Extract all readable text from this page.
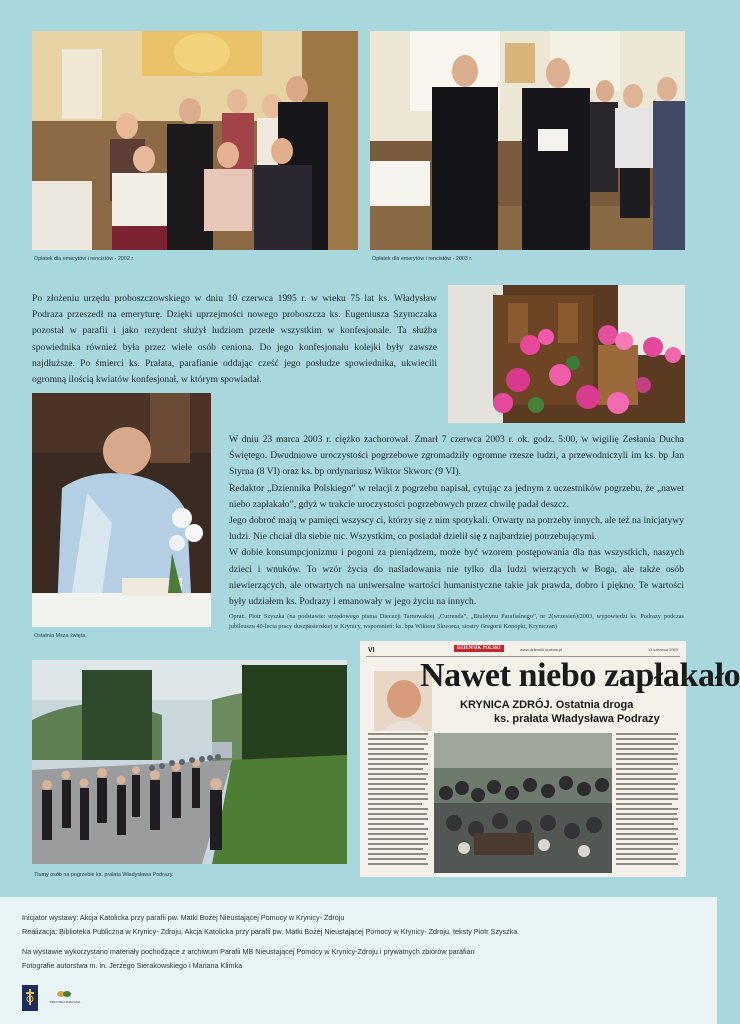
Opłatek dla emerytów i rencistów - 2002 r.	Opłatek dla emerytów i rencistów - 2003 r.
Po złożeniu urzędu proboszczowskiego w dniu 10 czerwca 1995 r. w wieku 75 lat ks. Władysław Podraza przeszedł na emeryturę. Dzięki uprzejmości nowego proboszcza ks. Eugeniusza Szymczaka pozostał w parafii i jako rezydent służył ludziom przede wszystkim w konfesjonale. Ta służba spowiednika również była przez wiele osób ceniona. Do jego konfesjonału kolejki były zawsze najdłuższe. Po śmierci ks. Prałata, parafianie oddając cześć jego posłudze spowiednika, ukwiecili ogromną ilością kwiatów konfesjonał, w którym spowiadał.
Ostatnia Msza święta.

W dniu 23 marca 2003 r. ciężko zachorował. Zmarł 7 czerwca 2003 r. ok. godz. 5:00, w wigilię Zesłania Ducha Świętego. Dwudniowe uroczystości pogrzebowe zgromadziły ogromne rzesze ludzi, a przewodniczyli im ks. bp Jan Styrna (8 VI) oraz ks. bp ordynariusz Wiktor Skworc (9 VI).

Redaktor „Dziennika Polskiego” w relacji z pogrzebu napisał, cytując za jednym z uczestników pogrzebu, że „nawet niebo zapłakało”, gdyż w trakcie uroczystości pogrzebowych przez chwilę padał deszcz.

Jego dobroć mają w pamięci wszyscy ci, którzy się z nim spotykali. Otwarty na potrzeby innych, ale też na inicjatywy ludzi. Nie chciał dla siebie nic. Wszystkim, co posiadał dzielił się z najbardziej potrzebującymi.

W dobie konsumpcjonizmu i pogoni za pieniądzem, może być wzorem postępowania dla nas wszystkich, naszych dzieci i wnuków. To wzór życia do naśladowania nie tylko dla ludzi wierzących w Boga, ale także osób niewierzących, ale otwartych na uniwersalne wartości humanistyczne takie jak prawda, dobro i piękno. Te wartości były udziałem ks. Podrazy i emanowały w jego życiu na innych.

Oprac. Piotr Szyszka (na podstawie: urzędowego pisma Diecezji Tarnowskiej „Currenda”, „Biuletynu Parafialnego”, nr 2(wrzesień)/2003, wypowiedzi ks. Podrazy podczas jubileuszu 40-lecia pracy duszpasterskiej w Krynicy, wspomnień: ks. bpa Wiktora Skworca, siostry Gregorii Konopki, Kryniczan)
Tłumy osób na pogrzebie ks. prałata Władysława Podrazy.
VI	DZIENNIK POLSKI	www.dziennik.krakow.pl	11 czerwca 2003
Nawet niebo zapłakało
KRYNICA ZDRÓJ. Ostatnia droga
ks. prałata Władysława Podrazy
Inicjator wystawy: Akcja Katolicka przy parafii pw. Matki Bożej Nieustającej Pomocy w Krynicy- Zdroju
Realizacja: Biblioteka Publiczna w Krynicy- Zdroju, Akcja Katolicka przy parafii pw. Matki Bożej Nieustającej Pomocy w Krynicy- Zdroju, teksty Piotr Szyszka
Na wystawie wykorzystano materiały pochodzące z archiwum Parafii MB Nieustającej Pomocy w Krynicy-Zdroju i prywatnych zbiorów parafian
Fotografie autorstwa m. in. Jerzego Sierakowskiego i Mariana Klimka
BIBLIOTEKA PUBLICZNA
